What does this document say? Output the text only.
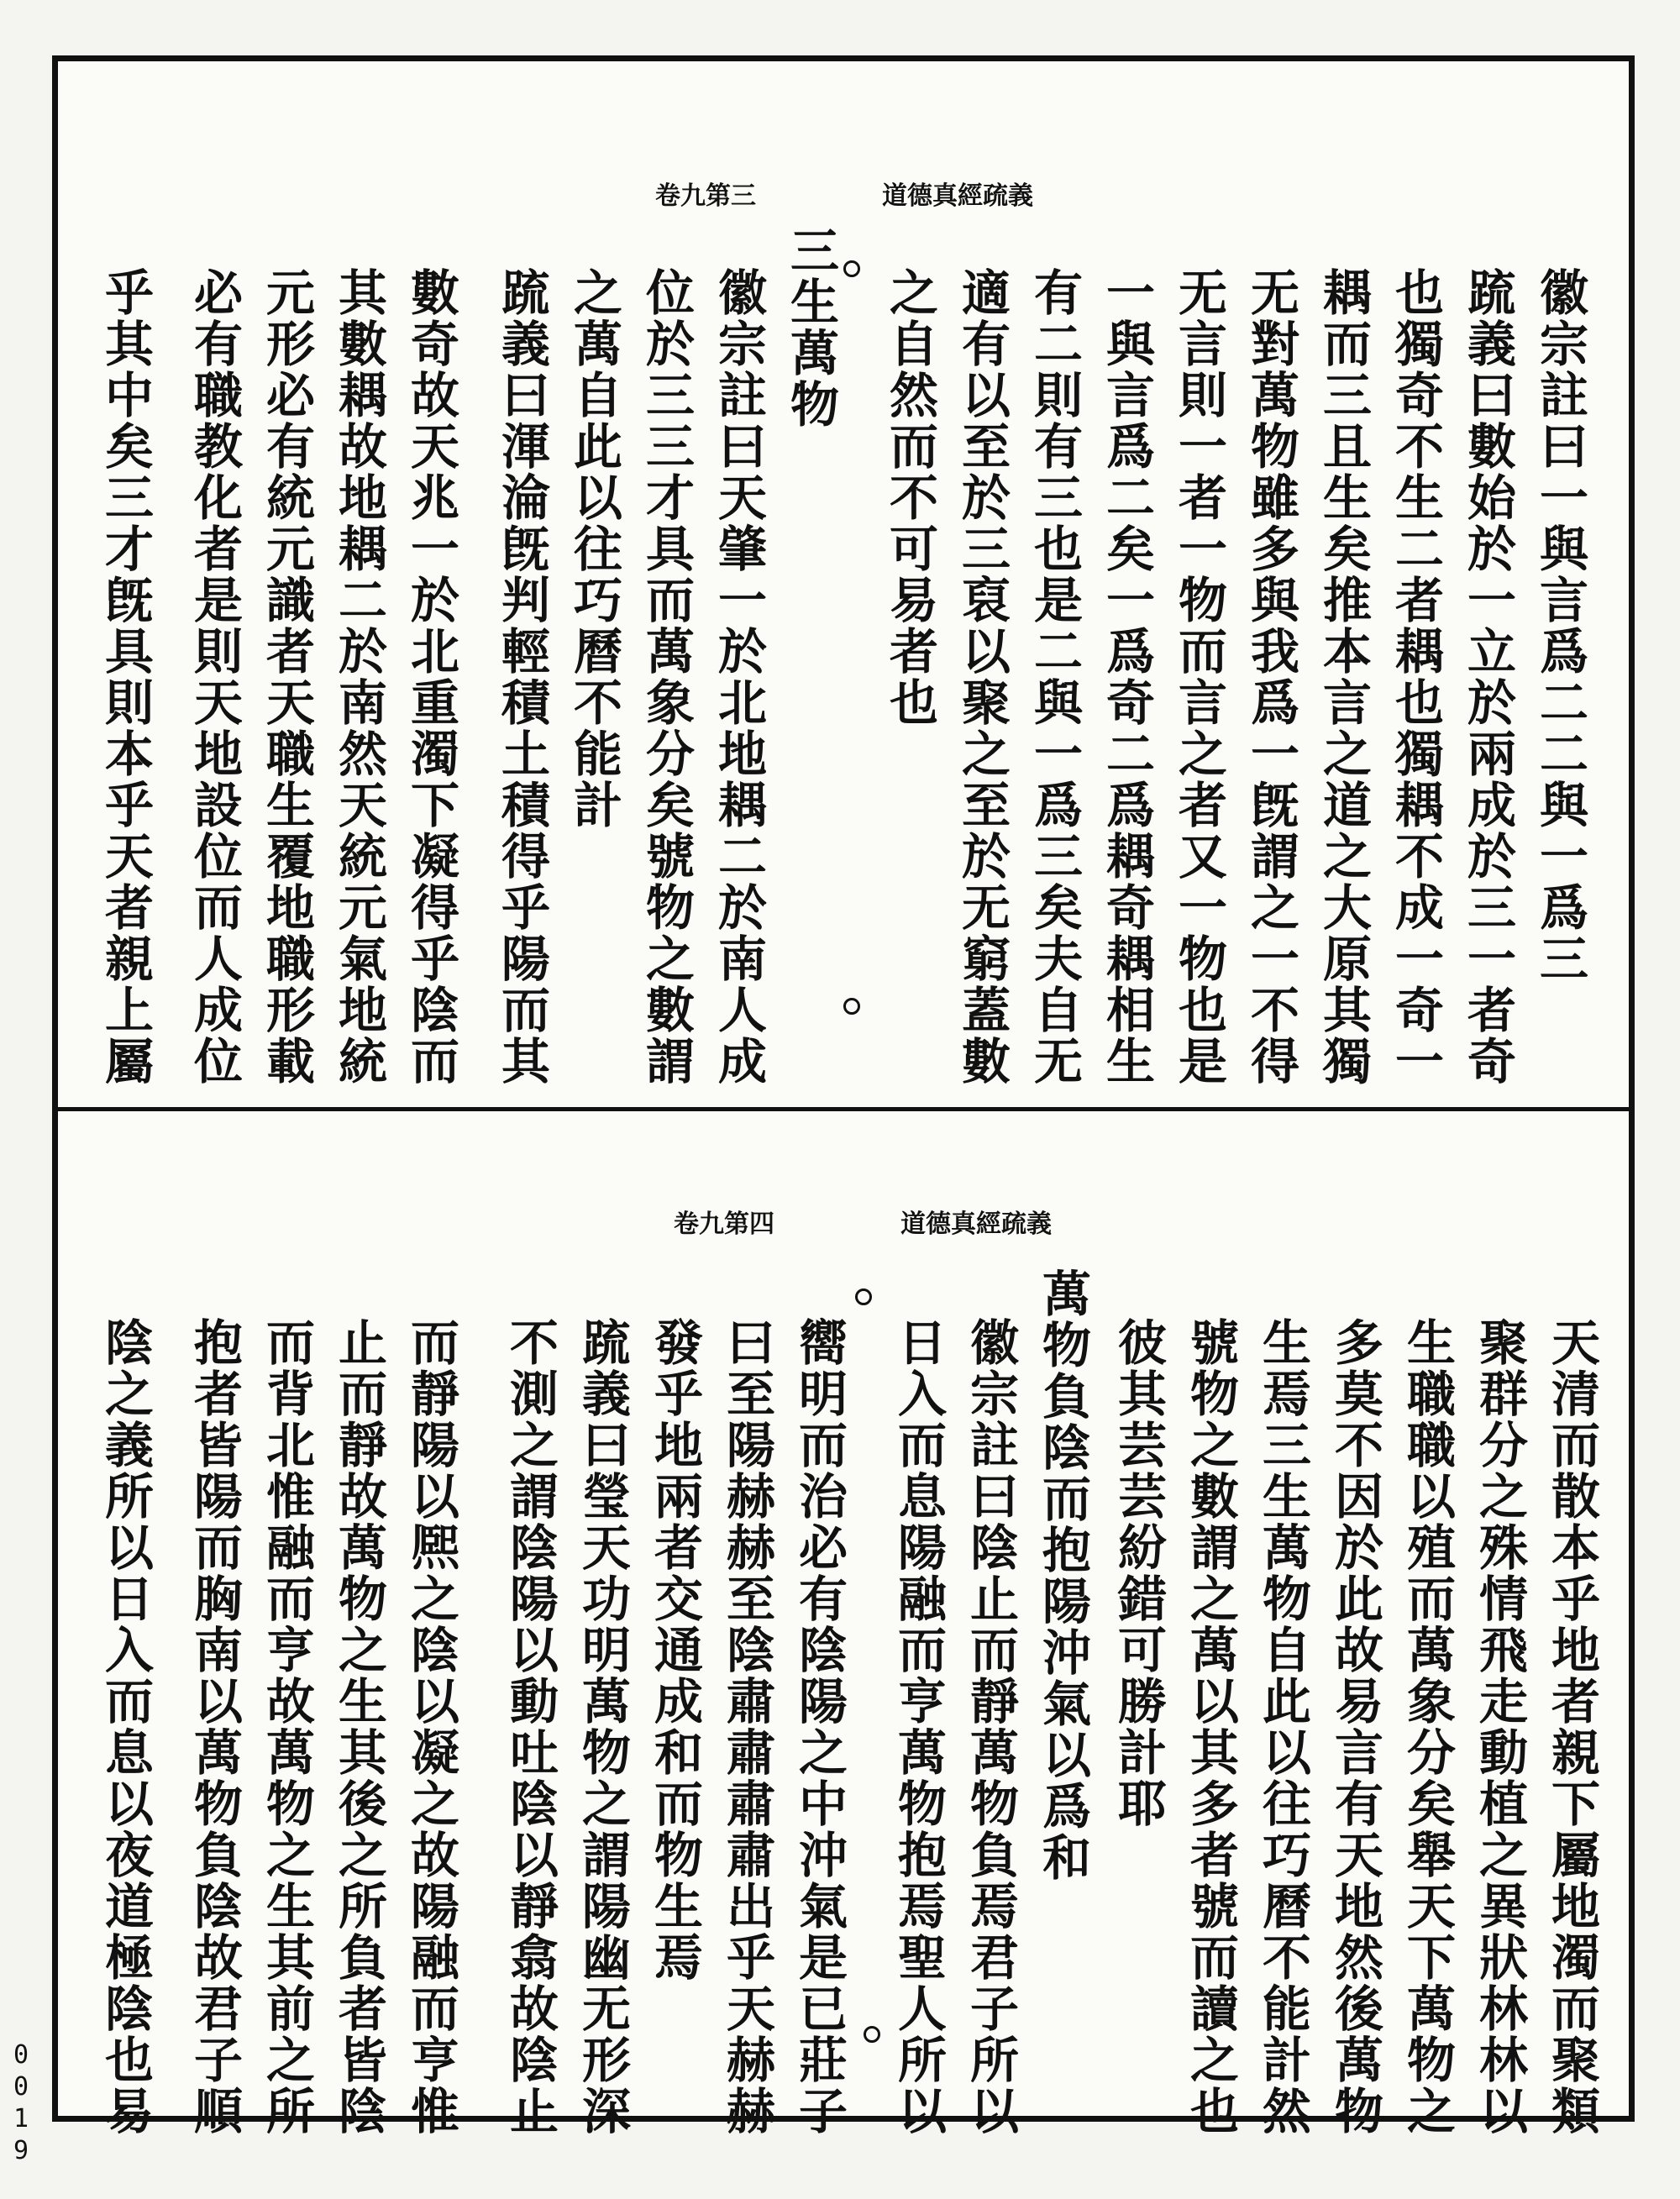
0
0
1
9
道德真經疏義
卷九第三
徽宗註曰一與言爲二二與一爲三
䟽義曰數始於一立於兩成於三一者奇
也獨奇不生二者耦也獨耦不成一奇一
耦而三且生矣推本言之道之大原其獨
无對萬物雖多與我爲一旣謂之一不得
无言則一者一物而言之者又一物也是
一與言爲二矣一爲奇二爲耦奇耦相生
有二則有三也是二與一爲三矣夫自无
適有以至於三裒以聚之至於无窮蓋數
之自然而不可易者也
三生萬物
徽宗註曰天肇一於北地耦二於南人成
位於三三才具而萬象分矣號物之數謂
之萬自此以往巧曆不能計
䟽義曰渾淪旣判輕積土積得乎陽而其
數奇故天兆一於北重濁下凝得乎陰而
其數耦故地耦二於南然天統元氣地統
元形必有統元識者天職生覆地職形載
必有職教化者是則天地設位而人成位
乎其中矣三才旣具則本乎天者親上屬
道德真經疏義
卷九第四
天清而散本乎地者親下屬地濁而聚類
聚群分之殊情飛走動植之異狀林林以
生職職以殖而萬象分矣舉天下萬物之
多莫不因於此故易言有天地然後萬物
生焉三生萬物自此以往巧曆不能計然
號物之數謂之萬以其多者號而讀之也
彼其芸芸紛錯可勝計耶
萬物負陰而抱陽沖氣以爲和
徽宗註曰陰止而靜萬物負焉君子所以
日入而息陽融而亨萬物抱焉聖人所以
嚮明而治必有陰陽之中沖氣是已莊子
曰至陽赫赫至陰肅肅肅肅出乎天赫赫
發乎地兩者交通成和而物生焉
䟽義曰瑩天功明萬物之謂陽幽无形深
不測之謂陰陽以動吐陰以靜翕故陰止
而靜陽以熈之陰以凝之故陽融而亨惟
止而靜故萬物之生其後之所負者皆陰
而背北惟融而亨故萬物之生其前之所
抱者皆陽而胸南以萬物負陰故君子順
陰之義所以日入而息以夜道極陰也易
